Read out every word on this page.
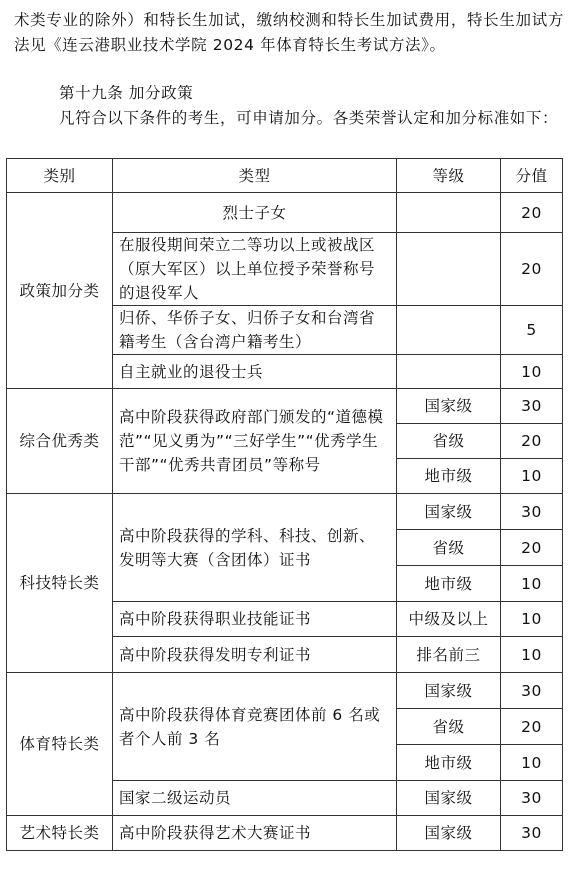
术类专业的除外）和特长生加试，缴纳校测和特长生加试费用，特长生加试方法见《连云港职业技术学院 2024 年体育特长生考试方法》。

第十九条 加分政策

凡符合以下条件的考生，可申请加分。各类荣誉认定和加分标准如下：

类别	类型	等级	分值
政策加分类	烈士子女		20
	在服役期间荣立二等功以上或被战区（原大军区）以上单位授予荣誉称号的退役军人		20
	归侨、华侨子女、归侨子女和台湾省籍考生（含台湾户籍考生）		5
	自主就业的退役士兵		10
综合优秀类	高中阶段获得政府部门颁发的“道德模范”“见义勇为”“三好学生”“优秀学生干部”“优秀共青团员”等称号	国家级	30
		省级	20
		地市级	10
科技特长类	高中阶段获得的学科、科技、创新、发明等大赛（含团体）证书	国家级	30
		省级	20
		地市级	10
	高中阶段获得职业技能证书	中级及以上	10
	高中阶段获得发明专利证书	排名前三	10
体育特长类	高中阶段获得体育竞赛团体前 6 名或者个人前 3 名	国家级	30
		省级	20
		地市级	10
	国家二级运动员	国家级	30
艺术特长类	高中阶段获得艺术大赛证书	国家级	30
